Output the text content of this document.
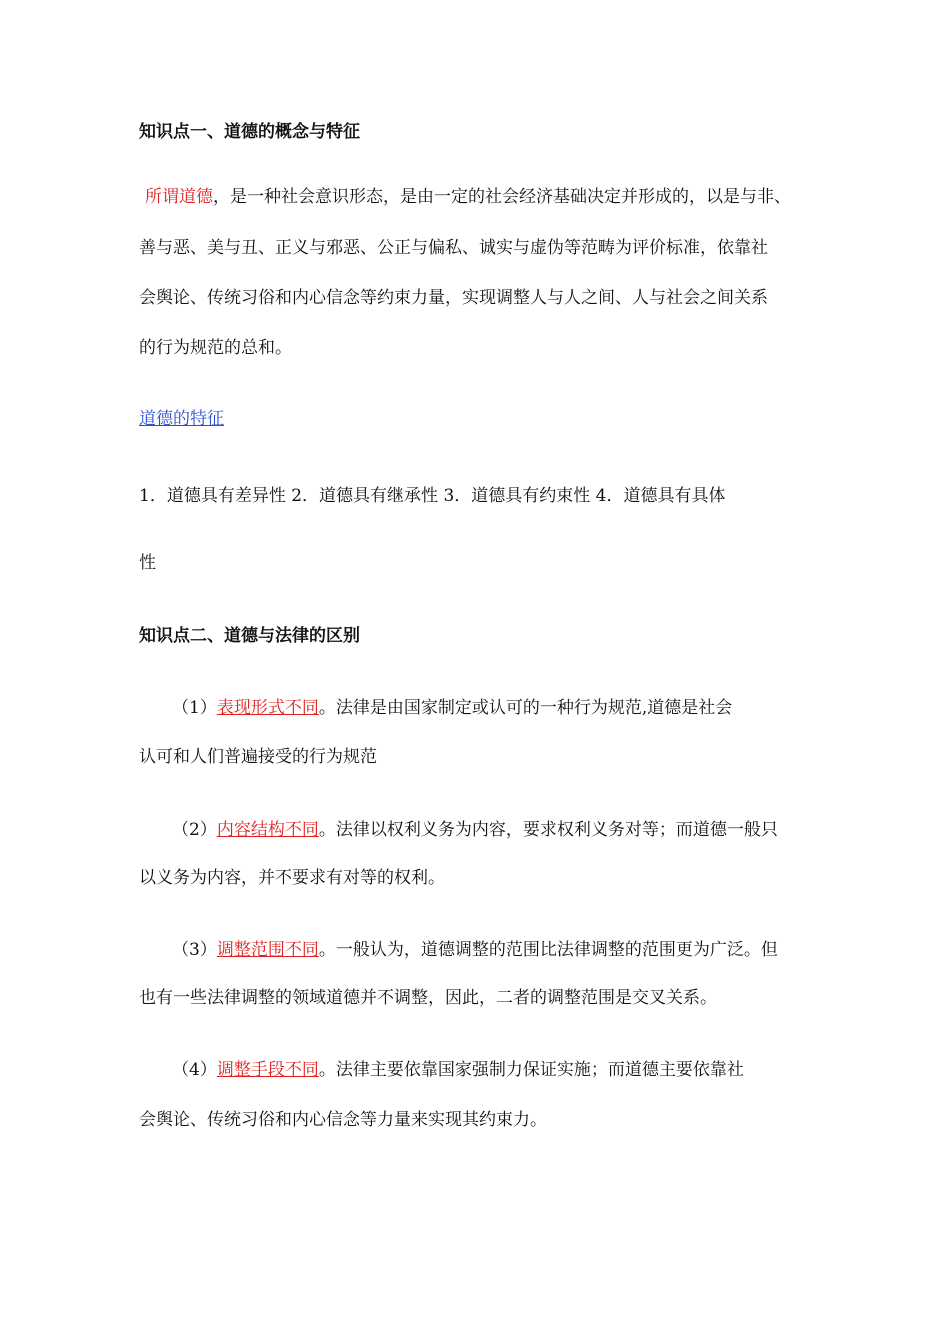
知识点一、道德的概念与特征
所谓道德，是一种社会意识形态，是由一定的社会经济基础决定并形成的，以是与非、
善与恶、美与丑、正义与邪恶、公正与偏私、诚实与虚伪等范畴为评价标准，依靠社
会舆论、传统习俗和内心信念等约束力量，实现调整人与人之间、人与社会之间关系
的行为规范的总和。
道德的特征
1．道德具有差异性 2．道德具有继承性 3．道德具有约束性 4．道德具有具体
性
知识点二、道德与法律的区别
（1）表现形式不同。法律是由国家制定或认可的一种行为规范,道德是社会
认可和人们普遍接受的行为规范
（2）内容结构不同。法律以权利义务为内容，要求权利义务对等；而道德一般只
以义务为内容，并不要求有对等的权利。
（3）调整范围不同。一般认为，道德调整的范围比法律调整的范围更为广泛。但
也有一些法律调整的领域道德并不调整，因此，二者的调整范围是交叉关系。
（4）调整手段不同。法律主要依靠国家强制力保证实施；而道德主要依靠社
会舆论、传统习俗和内心信念等力量来实现其约束力。
